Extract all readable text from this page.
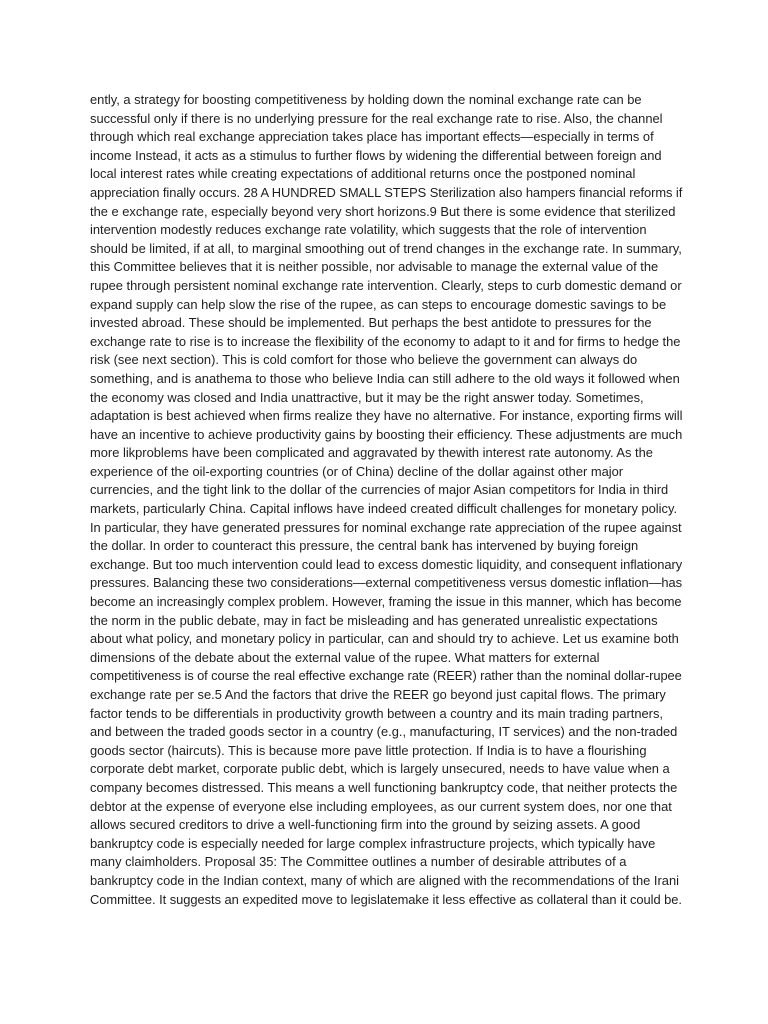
ently, a strategy for boosting competitiveness by holding down the nominal exchange rate can be
successful only if there is no underlying pressure for the real exchange rate to rise. Also, the channel
through which real exchange appreciation takes place has important effects—especially in terms of
income Instead, it acts as a stimulus to further flows by widening the differential between foreign and
local interest rates while creating expectations of additional returns once the postponed nominal
appreciation finally occurs. 28 A HUNDRED SMALL STEPS Sterilization also hampers financial reforms if
the e exchange rate, especially beyond very short horizons.9 But there is some evidence that sterilized
intervention modestly reduces exchange rate volatility, which suggests that the role of intervention
should be limited, if at all, to marginal smoothing out of trend changes in the exchange rate. In summary,
this Committee believes that it is neither possible, nor advisable to manage the external value of the
rupee through persistent nominal exchange rate intervention. Clearly, steps to curb domestic demand or
expand supply can help slow the rise of the rupee, as can steps to encourage domestic savings to be
invested abroad. These should be implemented. But perhaps the best antidote to pressures for the
exchange rate to rise is to increase the flexibility of the economy to adapt to it and for firms to hedge the
risk (see next section). This is cold comfort for those who believe the government can always do
something, and is anathema to those who believe India can still adhere to the old ways it followed when
the economy was closed and India unattractive, but it may be the right answer today. Sometimes,
adaptation is best achieved when firms realize they have no alternative. For instance, exporting firms will
have an incentive to achieve productivity gains by boosting their efficiency. These adjustments are much
more likproblems have been complicated and aggravated by thewith interest rate autonomy. As the
experience of the oil-exporting countries (or of China) decline of the dollar against other major
currencies, and the tight link to the dollar of the currencies of major Asian competitors for India in third
markets, particularly China. Capital inflows have indeed created difficult challenges for monetary policy.
In particular, they have generated pressures for nominal exchange rate appreciation of the rupee against
the dollar. In order to counteract this pressure, the central bank has intervened by buying foreign
exchange. But too much intervention could lead to excess domestic liquidity, and consequent inflationary
pressures. Balancing these two considerations—external competitiveness versus domestic inflation—has
become an increasingly complex problem. However, framing the issue in this manner, which has become
the norm in the public debate, may in fact be misleading and has generated unrealistic expectations
about what policy, and monetary policy in particular, can and should try to achieve. Let us examine both
dimensions of the debate about the external value of the rupee. What matters for external
competitiveness is of course the real effective exchange rate (REER) rather than the nominal dollar-rupee
exchange rate per se.5 And the factors that drive the REER go beyond just capital flows. The primary
factor tends to be differentials in productivity growth between a country and its main trading partners,
and between the traded goods sector in a country (e.g., manufacturing, IT services) and the non-traded
goods sector (haircuts). This is because more pave little protection. If India is to have a flourishing
corporate debt market, corporate public debt, which is largely unsecured, needs to have value when a
company becomes distressed. This means a well functioning bankruptcy code, that neither protects the
debtor at the expense of everyone else including employees, as our current system does, nor one that
allows secured creditors to drive a well-functioning firm into the ground by seizing assets. A good
bankruptcy code is especially needed for large complex infrastructure projects, which typically have
many claimholders. Proposal 35: The Committee outlines a number of desirable attributes of a
bankruptcy code in the Indian context, many of which are aligned with the recommendations of the Irani
Committee. It suggests an expedited move to legislatemake it less effective as collateral than it could be.
